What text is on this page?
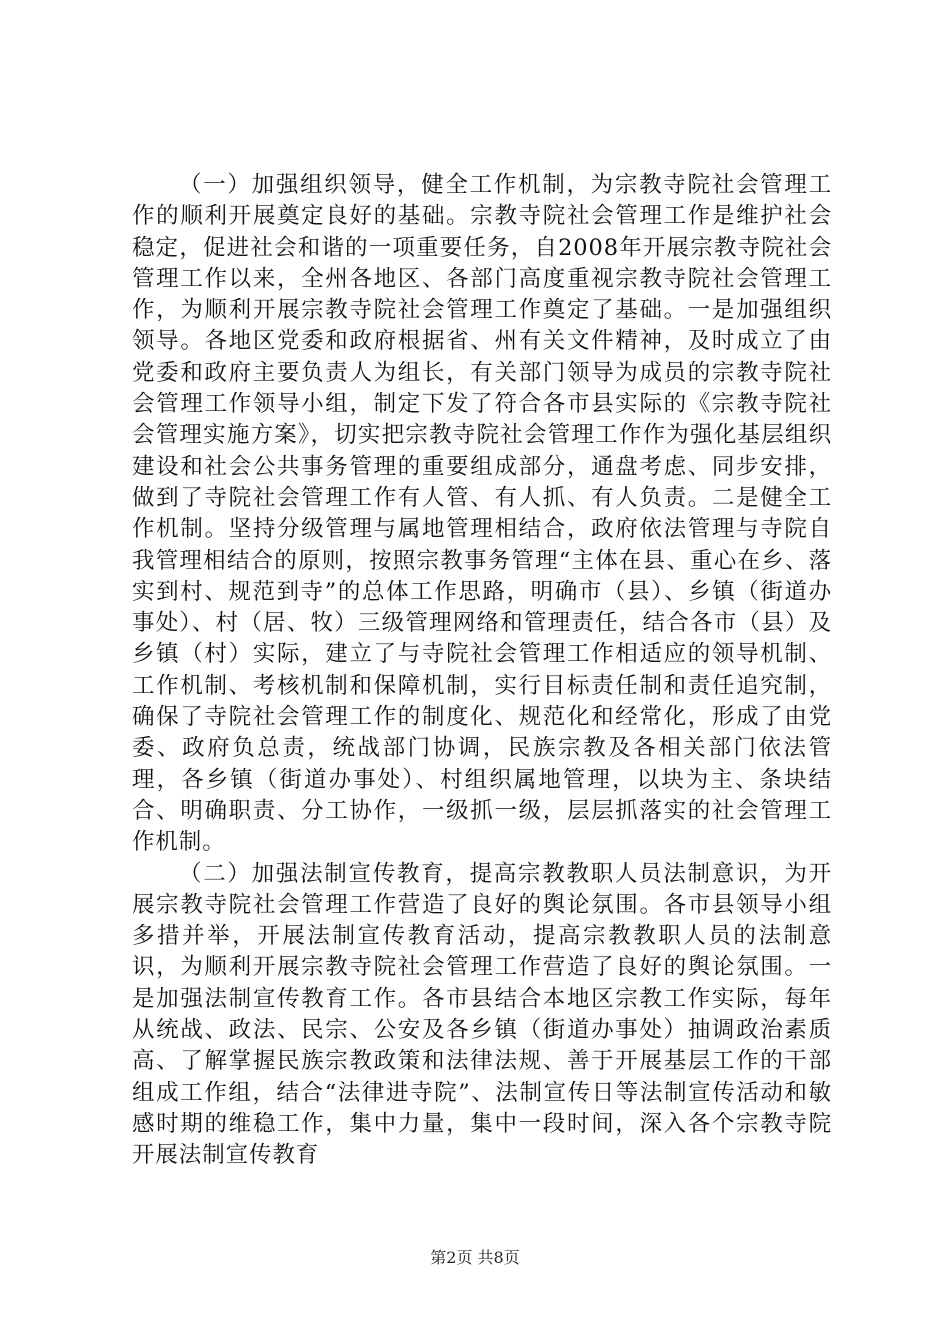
（一）加强组织领导，健全工作机制，为宗教寺院社会管理工作的顺利开展奠定良好的基础。宗教寺院社会管理工作是维护社会稳定，促进社会和谐的一项重要任务，自2008年开展宗教寺院社会管理工作以来，全州各地区、各部门高度重视宗教寺院社会管理工作，为顺利开展宗教寺院社会管理工作奠定了基础。一是加强组织领导。各地区党委和政府根据省、州有关文件精神，及时成立了由党委和政府主要负责人为组长，有关部门领导为成员的宗教寺院社会管理工作领导小组，制定下发了符合各市县实际的《宗教寺院社会管理实施方案》，切实把宗教寺院社会管理工作作为强化基层组织建设和社会公共事务管理的重要组成部分，通盘考虑、同步安排，做到了寺院社会管理工作有人管、有人抓、有人负责。二是健全工作机制。坚持分级管理与属地管理相结合，政府依法管理与寺院自我管理相结合的原则，按照宗教事务管理“主体在县、重心在乡、落实到村、规范到寺”的总体工作思路，明确市（县）、乡镇（街道办事处）、村（居、牧）三级管理网络和管理责任，结合各市（县）及乡镇（村）实际，建立了与寺院社会管理工作相适应的领导机制、工作机制、考核机制和保障机制，实行目标责任制和责任追究制，确保了寺院社会管理工作的制度化、规范化和经常化，形成了由党委、政府负总责，统战部门协调，民族宗教及各相关部门依法管理，各乡镇（街道办事处）、村组织属地管理，以块为主、条块结合、明确职责、分工协作，一级抓一级，层层抓落实的社会管理工作机制。

（二）加强法制宣传教育，提高宗教教职人员法制意识，为开展宗教寺院社会管理工作营造了良好的舆论氛围。各市县领导小组多措并举，开展法制宣传教育活动，提高宗教教职人员的法制意识，为顺利开展宗教寺院社会管理工作营造了良好的舆论氛围。一是加强法制宣传教育工作。各市县结合本地区宗教工作实际，每年从统战、政法、民宗、公安及各乡镇（街道办事处）抽调政治素质高、了解掌握民族宗教政策和法律法规、善于开展基层工作的干部组成工作组，结合“法律进寺院”、法制宣传日等法制宣传活动和敏感时期的维稳工作，集中力量，集中一段时间，深入各个宗教寺院开展法制宣传教育

第2页 共8页
